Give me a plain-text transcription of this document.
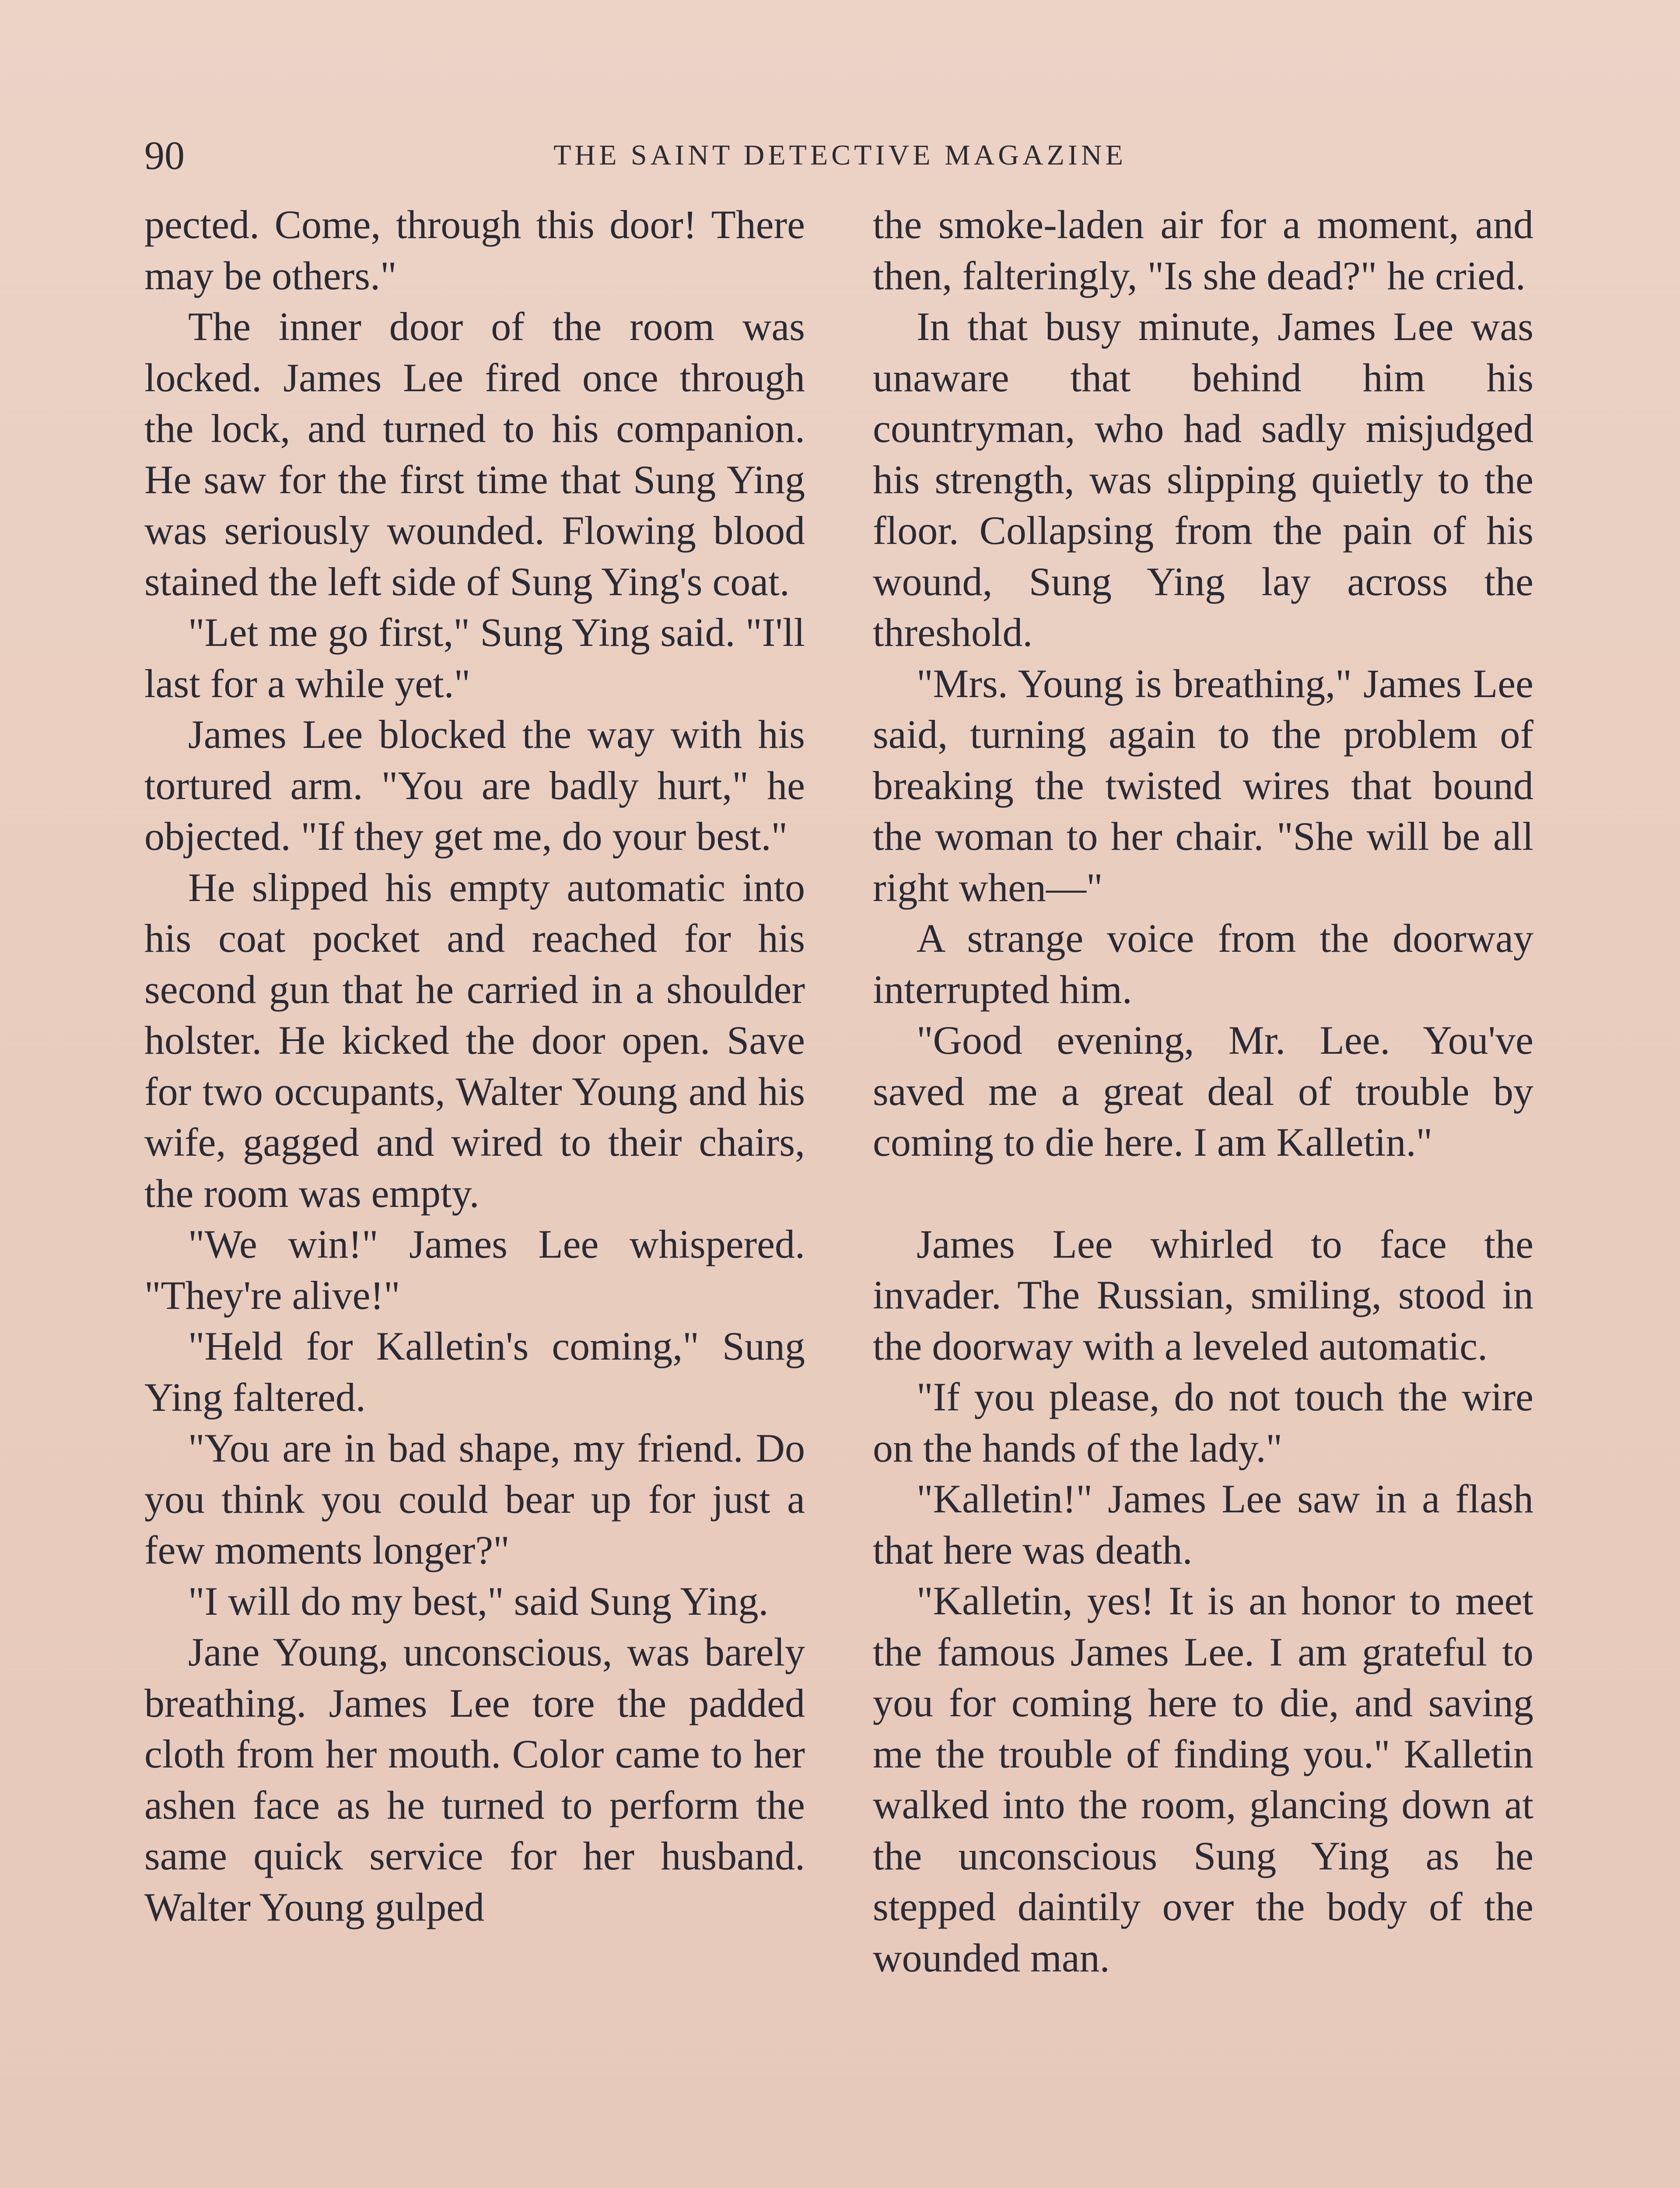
90	THE SAINT DETECTIVE MAGAZINE

pected. Come, through this door! There may be others."

The inner door of the room was locked. James Lee fired once through the lock, and turned to his companion. He saw for the first time that Sung Ying was seriously wounded. Flowing blood stained the left side of Sung Ying's coat.

"Let me go first," Sung Ying said. "I'll last for a while yet."

James Lee blocked the way with his tortured arm. "You are badly hurt," he objected. "If they get me, do your best."

He slipped his empty automatic into his coat pocket and reached for his second gun that he carried in a shoulder holster. He kicked the door open. Save for two occupants, Walter Young and his wife, gagged and wired to their chairs, the room was empty.

"We win!" James Lee whispered. "They're alive!"

"Held for Kalletin's coming," Sung Ying faltered.

"You are in bad shape, my friend. Do you think you could bear up for just a few moments longer?"

"I will do my best," said Sung Ying.

Jane Young, unconscious, was barely breathing. James Lee tore the padded cloth from her mouth. Color came to her ashen face as he turned to perform the same quick service for her husband. Walter Young gulped

the smoke-laden air for a moment, and then, falteringly, "Is she dead?" he cried.

In that busy minute, James Lee was unaware that behind him his countryman, who had sadly misjudged his strength, was slipping quietly to the floor. Collapsing from the pain of his wound, Sung Ying lay across the threshold.

"Mrs. Young is breathing," James Lee said, turning again to the problem of breaking the twisted wires that bound the woman to her chair. "She will be all right when—"

A strange voice from the doorway interrupted him.

"Good evening, Mr. Lee. You've saved me a great deal of trouble by coming to die here. I am Kalletin."

James Lee whirled to face the invader. The Russian, smiling, stood in the doorway with a leveled automatic.

"If you please, do not touch the wire on the hands of the lady."

"Kalletin!" James Lee saw in a flash that here was death.

"Kalletin, yes! It is an honor to meet the famous James Lee. I am grateful to you for coming here to die, and saving me the trouble of finding you." Kalletin walked into the room, glancing down at the unconscious Sung Ying as he stepped daintily over the body of the wounded man.
